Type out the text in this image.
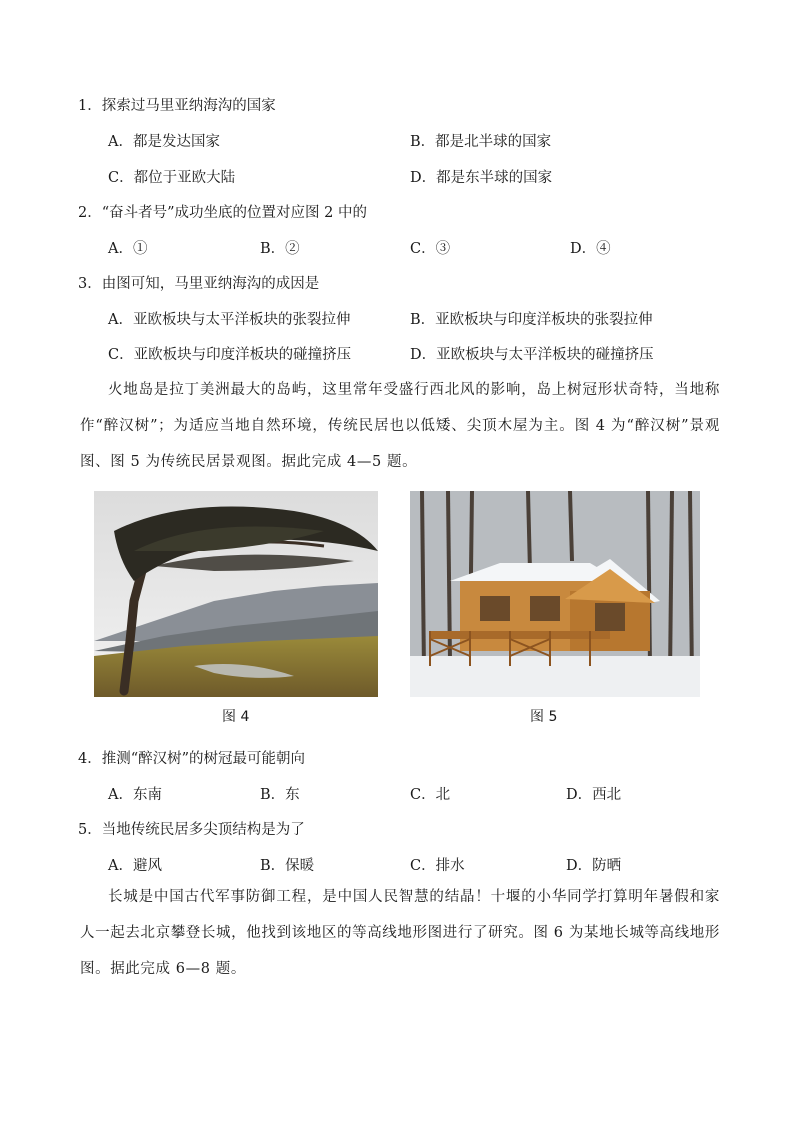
1．探索过马里亚纳海沟的国家
A．都是发达国家	B．都是北半球的国家
C．都位于亚欧大陆	D．都是东半球的国家
2．“奋斗者号”成功坐底的位置对应图 2 中的
A．①	B．②	C．③	D．④
3．由图可知，马里亚纳海沟的成因是
A．亚欧板块与太平洋板块的张裂拉伸	B．亚欧板块与印度洋板块的张裂拉伸
C．亚欧板块与印度洋板块的碰撞挤压	D．亚欧板块与太平洋板块的碰撞挤压
火地岛是拉丁美洲最大的岛屿，这里常年受盛行西北风的影响，岛上树冠形状奇特，当地称作“醉汉树”；为适应当地自然环境，传统民居也以低矮、尖顶木屋为主。图 4 为“醉汉树”景观图、图 5 为传统民居景观图。据此完成 4—5 题。
图 4	图 5
4．推测“醉汉树”的树冠最可能朝向
A．东南	B．东	C．北	D．西北
5．当地传统民居多尖顶结构是为了
A．避风	B．保暖	C．排水	D．防晒
长城是中国古代军事防御工程，是中国人民智慧的结晶！十堰的小华同学打算明年暑假和家人一起去北京攀登长城，他找到该地区的等高线地形图进行了研究。图 6 为某地长城等高线地形图。据此完成 6—8 题。
